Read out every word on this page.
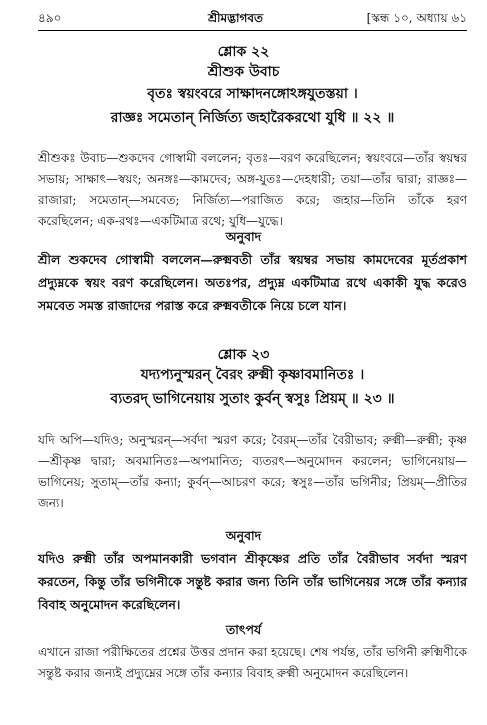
৪৯০	শ্রীমদ্ভাগবত	[স্কন্ধ ১০, অধ্যায় ৬১
শ্লোক ২২
শ্রীশুক উবাচ
বৃতঃ স্বয়ংবরে সাক্ষাদনঙ্গোঽঙ্গযুতস্তয়া ।
রাজ্ঞঃ সমেতান্ নির্জিত্য জহারৈকরথো যুধি ॥ ২২ ॥
শ্রীশুকঃ উবাচ—শুকদেব গোস্বামী বললেন; বৃতঃ—বরণ করেছিলেন; স্বয়ংবরে—তাঁর স্বয়ম্বর সভায়; সাক্ষাৎ—স্বয়ং; অনঙ্গঃ—কামদেব; অঙ্গ-যুতঃ—দেহধারী; তয়া—তাঁর দ্বারা; রাজ্ঞঃ—রাজারা; সমেতান্—সমবেত; নির্জিত্য—পরাজিত করে; জহার—তিনি তাঁকে হরণ করেছিলেন; এক-রথঃ—একটিমাত্র রথে; যুধি—যুদ্ধে।
অনুবাদ
শ্রীল শুকদেব গোস্বামী বললেন—রুক্মবতী তাঁর স্বয়ম্বর সভায় কামদেবের মূর্তপ্রকাশ প্রদ্যুম্নকে স্বয়ং বরণ করেছিলেন। অতঃপর, প্রদ্যুম্ন একটিমাত্র রথে একাকী যুদ্ধ করেও সমবেত সমস্ত রাজাদের পরাস্ত করে রুক্মবতীকে নিয়ে চলে যান।
শ্লোক ২৩
যদ্যপ্যনুস্মরন্ বৈরং রুক্মী কৃষ্ণাবমানিতঃ ।
ব্যতরদ্ ভাগিনেয়ায় সুতাং কুর্বন্ স্বসুঃ প্রিয়ম্ ॥ ২৩ ॥
যদি অপি—যদিও; অনুস্মরন্—সর্বদা স্মরণ করে; বৈরম্—তাঁর বৈরীভাব; রুক্মী—রুক্মী; কৃষ্ণ—শ্রীকৃষ্ণ দ্বারা; অবমানিতঃ—অপমানিত; ব্যতরৎ—অনুমোদন করলেন; ভাগিনেয়ায়—ভাগিনেয়; সুতাম্—তাঁর কন্যা; কুর্বন্—আচরণ করে; স্বসুঃ—তাঁর ভগিনীর; প্রিয়ম্—প্রীতির জন্য।
অনুবাদ
যদিও রুক্মী তাঁর অপমানকারী ভগবান শ্রীকৃষ্ণের প্রতি তাঁর বৈরীভাব সর্বদা স্মরণ করতেন, কিন্তু তাঁর ভগিনীকে সন্তুষ্ট করার জন্য তিনি তাঁর ভাগিনেয়র সঙ্গে তাঁর কন্যার বিবাহ অনুমোদন করেছিলেন।
তাৎপর্য
এখানে রাজা পরীক্ষিতের প্রশ্নের উত্তর প্রদান করা হয়েছে। শেষ পর্যন্ত, তাঁর ভগিনী রুক্মিণীকে সন্তুষ্ট করার জন্যই প্রদ্যুম্নের সঙ্গে তাঁর কন্যার বিবাহ রুক্মী অনুমোদন করেছিলেন।
